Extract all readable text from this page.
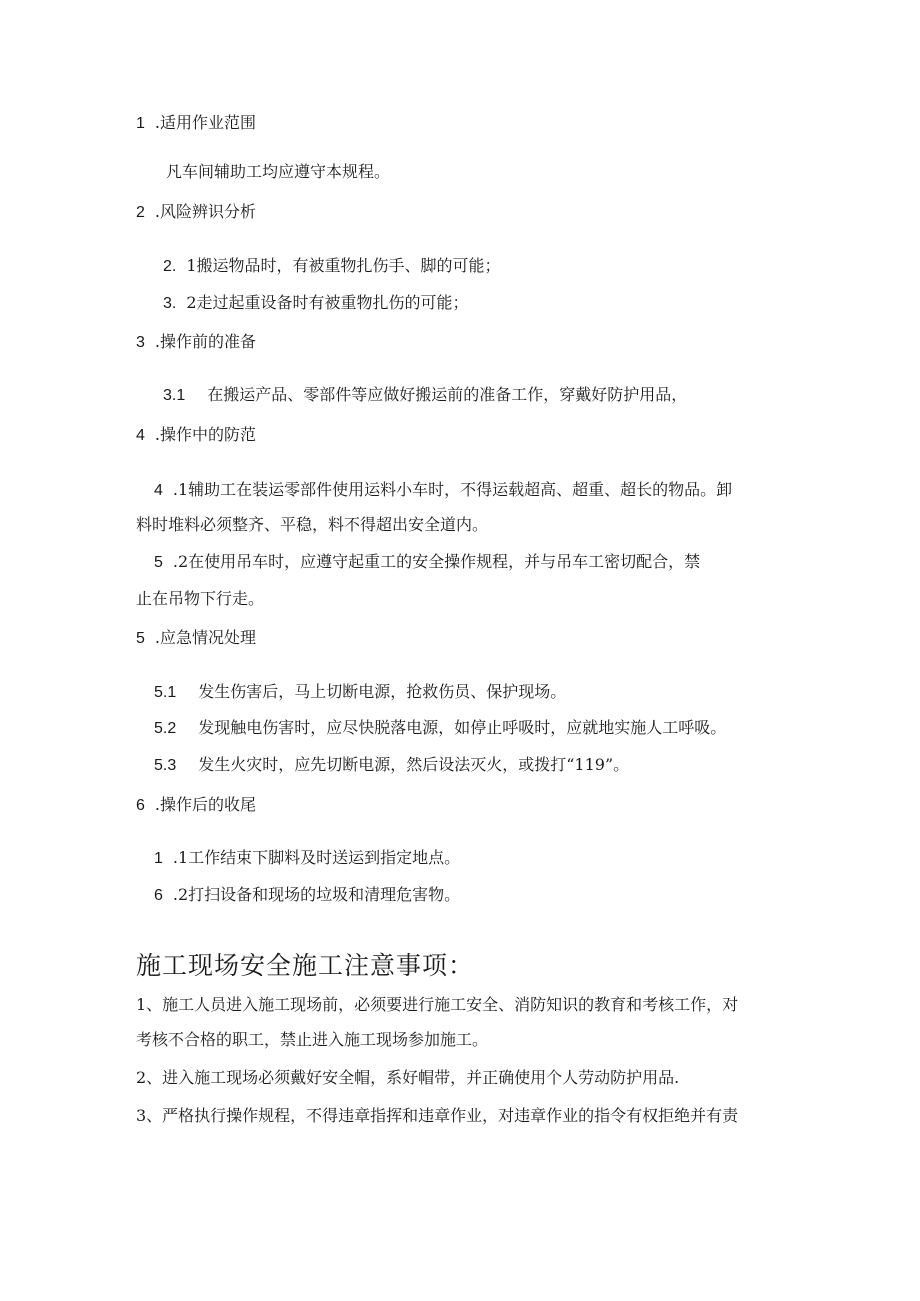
1 .适用作业范围
凡车间辅助工均应遵守本规程。
2 .风险辨识分析
2. 1搬运物品时，有被重物扎伤手、脚的可能；
3. 2走过起重设备时有被重物扎伤的可能；
3 .操作前的准备
3.1 在搬运产品、零部件等应做好搬运前的准备工作，穿戴好防护用品，
4 .操作中的防范
4 .1辅助工在装运零部件使用运料小车时，不得运载超高、超重、超长的物品。卸
料时堆料必须整齐、平稳，料不得超出安全道内。
5 .2在使用吊车时，应遵守起重工的安全操作规程，并与吊车工密切配合，禁
止在吊物下行走。
5 .应急情况处理
5.1 发生伤害后，马上切断电源，抢救伤员、保护现场。
5.2 发现触电伤害时，应尽快脱落电源，如停止呼吸时，应就地实施人工呼吸。
5.3 发生火灾时，应先切断电源，然后设法灭火，或拨打“119”。
6 .操作后的收尾
1 .1工作结束下脚料及时送运到指定地点。
6 .2打扫设备和现场的垃圾和清理危害物。
施工现场安全施工注意事项：
1、施工人员进入施工现场前，必须要进行施工安全、消防知识的教育和考核工作，对
考核不合格的职工，禁止进入施工现场参加施工。
2、进入施工现场必须戴好安全帽，系好帽带，并正确使用个人劳动防护用品.
3、严格执行操作规程，不得违章指挥和违章作业，对违章作业的指令有权拒绝并有责
